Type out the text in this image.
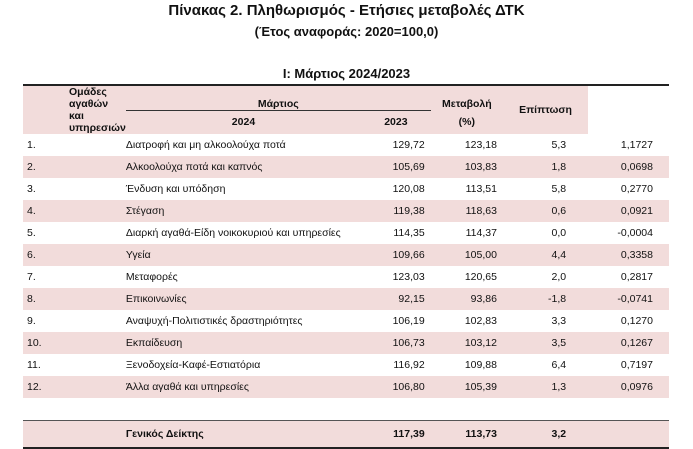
Πίνακας 2. Πληθωρισμός - Ετήσιες μεταβολές ΔΤΚ
(Έτος αναφοράς: 2020=100,0)
I: Μάρτιος 2024/2023
Ομάδες αγαθών και υπηρεσιών	Μάρτιος		Μεταβολή	Επίπτωση	
	2024	2023	(%)		
1.	Διατροφή και μη αλκοολούχα ποτά	129,72	123,18	5,3	1,1727
2.	Αλκοολούχα ποτά και καπνός	105,69	103,83	1,8	0,0698
3.	Ένδυση και υπόδηση	120,08	113,51	5,8	0,2770
4.	Στέγαση	119,38	118,63	0,6	0,0921
5.	Διαρκή αγαθά-Είδη νοικοκυριού και υπηρεσίες	114,35	114,37	0,0	-0,0004
6.	Υγεία	109,66	105,00	4,4	0,3358
7.	Μεταφορές	123,03	120,65	2,0	0,2817
8.	Επικοινωνίες	92,15	93,86	-1,8	-0,0741
9.	Αναψυχή-Πολιτιστικές δραστηριότητες	106,19	102,83	3,3	0,1270
10.	Εκπαίδευση	106,73	103,12	3,5	0,1267
11.	Ξενοδοχεία-Καφέ-Εστιατόρια	116,92	109,88	6,4	0,7197
12.	Άλλα αγαθά και υπηρεσίες	106,80	105,39	1,3	0,0976

	Γενικός Δείκτης	117,39	113,73	3,2	
